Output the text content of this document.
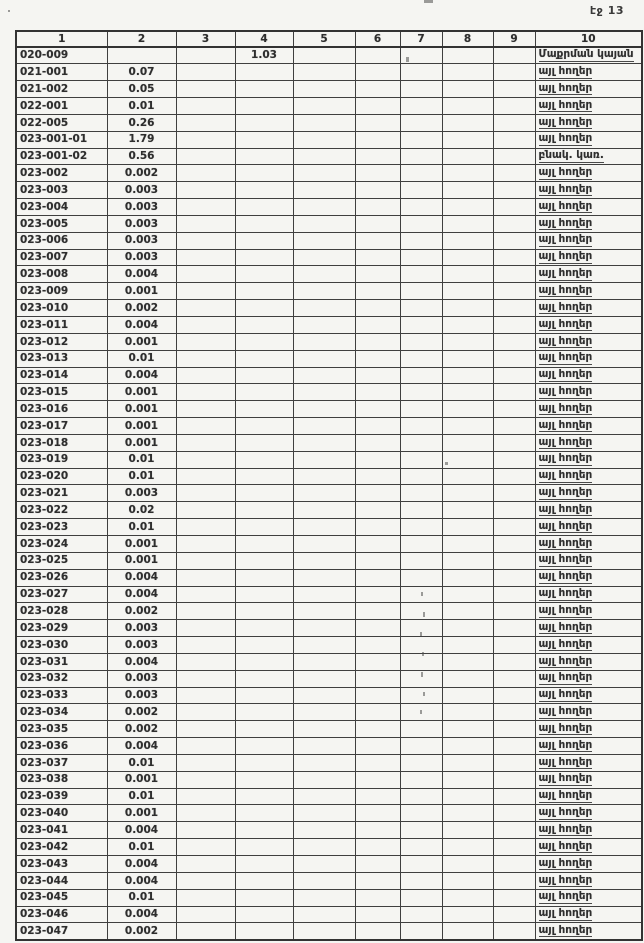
էջ 13
1	2	3	4	5	6	7	8	9	10
020-009			1.03						Մաքրման կայան
021-001	0.07								այլ հողեր
021-002	0.05								այլ հողեր
022-001	0.01								այլ հողեր
022-005	0.26								այլ հողեր
023-001-01	1.79								այլ հողեր
023-001-02	0.56								բնակ. կառ.
023-002	0.002								այլ հողեր
023-003	0.003								այլ հողեր
023-004	0.003								այլ հողեր
023-005	0.003								այլ հողեր
023-006	0.003								այլ հողեր
023-007	0.003								այլ հողեր
023-008	0.004								այլ հողեր
023-009	0.001								այլ հողեր
023-010	0.002								այլ հողեր
023-011	0.004								այլ հողեր
023-012	0.001								այլ հողեր
023-013	0.01								այլ հողեր
023-014	0.004								այլ հողեր
023-015	0.001								այլ հողեր
023-016	0.001								այլ հողեր
023-017	0.001								այլ հողեր
023-018	0.001								այլ հողեր
023-019	0.01								այլ հողեր
023-020	0.01								այլ հողեր
023-021	0.003								այլ հողեր
023-022	0.02								այլ հողեր
023-023	0.01								այլ հողեր
023-024	0.001								այլ հողեր
023-025	0.001								այլ հողեր
023-026	0.004								այլ հողեր
023-027	0.004								այլ հողեր
023-028	0.002								այլ հողեր
023-029	0.003								այլ հողեր
023-030	0.003								այլ հողեր
023-031	0.004								այլ հողեր
023-032	0.003								այլ հողեր
023-033	0.003								այլ հողեր
023-034	0.002								այլ հողեր
023-035	0.002								այլ հողեր
023-036	0.004								այլ հողեր
023-037	0.01								այլ հողեր
023-038	0.001								այլ հողեր
023-039	0.01								այլ հողեր
023-040	0.001								այլ հողեր
023-041	0.004								այլ հողեր
023-042	0.01								այլ հողեր
023-043	0.004								այլ հողեր
023-044	0.004								այլ հողեր
023-045	0.01								այլ հողեր
023-046	0.004								այլ հողեր
023-047	0.002								այլ հողեր
